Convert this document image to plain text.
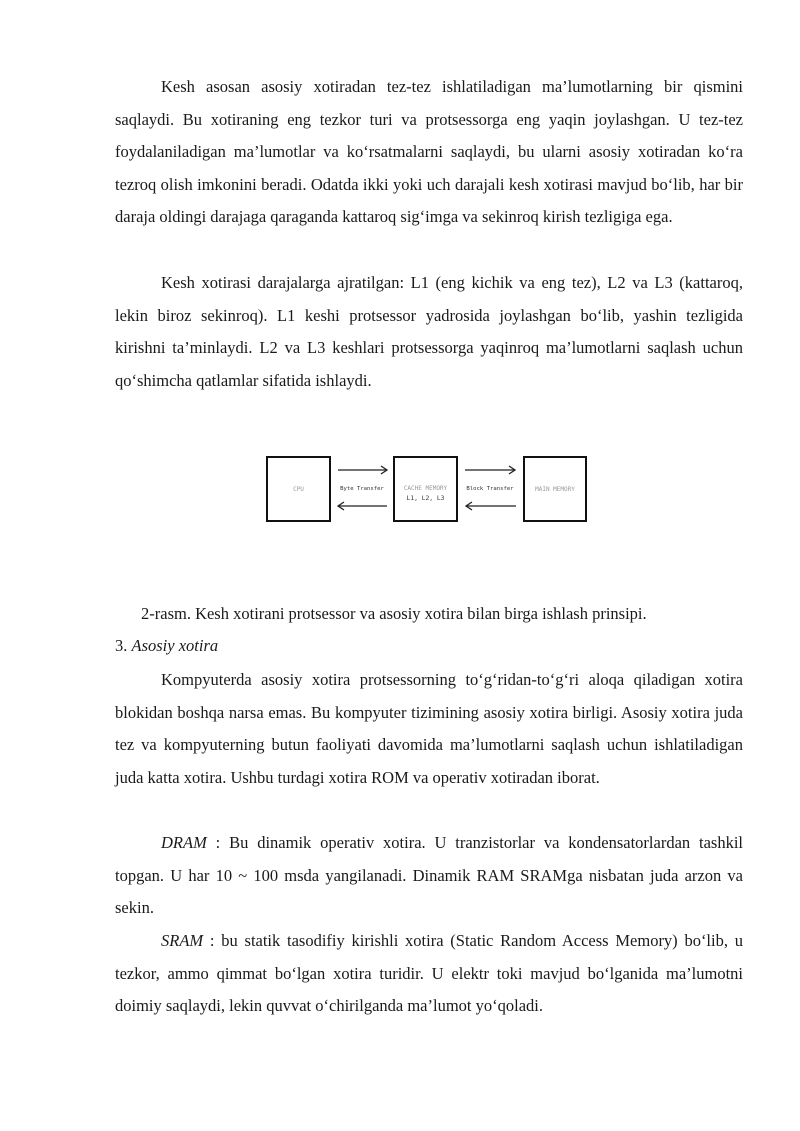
Kesh asosan asosiy xotiradan tez-tez ishlatiladigan ma’lumotlarning bir qismini saqlaydi. Bu xotiraning eng tezkor turi va protsessorga eng yaqin joylashgan. U tez-tez foydalaniladigan ma’lumotlar va ko‘rsatmalarni saqlaydi, bu ularni asosiy xotiradan ko‘ra tezroq olish imkonini beradi. Odatda ikki yoki uch darajali kesh xotirasi mavjud bo‘lib, har bir daraja oldingi darajaga qaraganda kattaroq sig‘imga va sekinroq kirish tezligiga ega.

Kesh xotirasi darajalarga ajratilgan: L1 (eng kichik va eng tez), L2 va L3 (kattaroq, lekin biroz sekinroq). L1 keshi protsessor yadrosida joylashgan bo‘lib, yashin tezligida kirishni ta’minlaydi. L2 va L3 keshlari protsessorga yaqinroq ma’lumotlarni saqlash uchun qo‘shimcha qatlamlar sifatida ishlaydi.

CPU	CACHE MEMORY
L1, L2, L3
MAIN MEMORY
Byte Transfer	Block Transfer

2-rasm. Kesh xotirani protsessor va asosiy xotira bilan birga ishlash prinsipi.

3. Asosiy xotira

Kompyuterda asosiy xotira protsessorning to‘g‘ridan-to‘g‘ri aloqa qiladigan xotira blokidan boshqa narsa emas. Bu kompyuter tizimining asosiy xotira birligi. Asosiy xotira juda tez va kompyuterning butun faoliyati davomida ma’lumotlarni saqlash uchun ishlatiladigan juda katta xotira. Ushbu turdagi xotira ROM va operativ xotiradan iborat.

DRAM : Bu dinamik operativ xotira. U tranzistorlar va kondensatorlardan tashkil topgan. U har 10 ~ 100 msda yangilanadi. Dinamik RAM SRAMga nisbatan juda arzon va sekin.

SRAM : bu statik tasodifiy kirishli xotira (Static Random Access Memory) bo‘lib, u tezkor, ammo qimmat bo‘lgan xotira turidir. U elektr toki mavjud bo‘lganida ma’lumotni doimiy saqlaydi, lekin quvvat o‘chirilganda ma’lumot yo‘qoladi.
